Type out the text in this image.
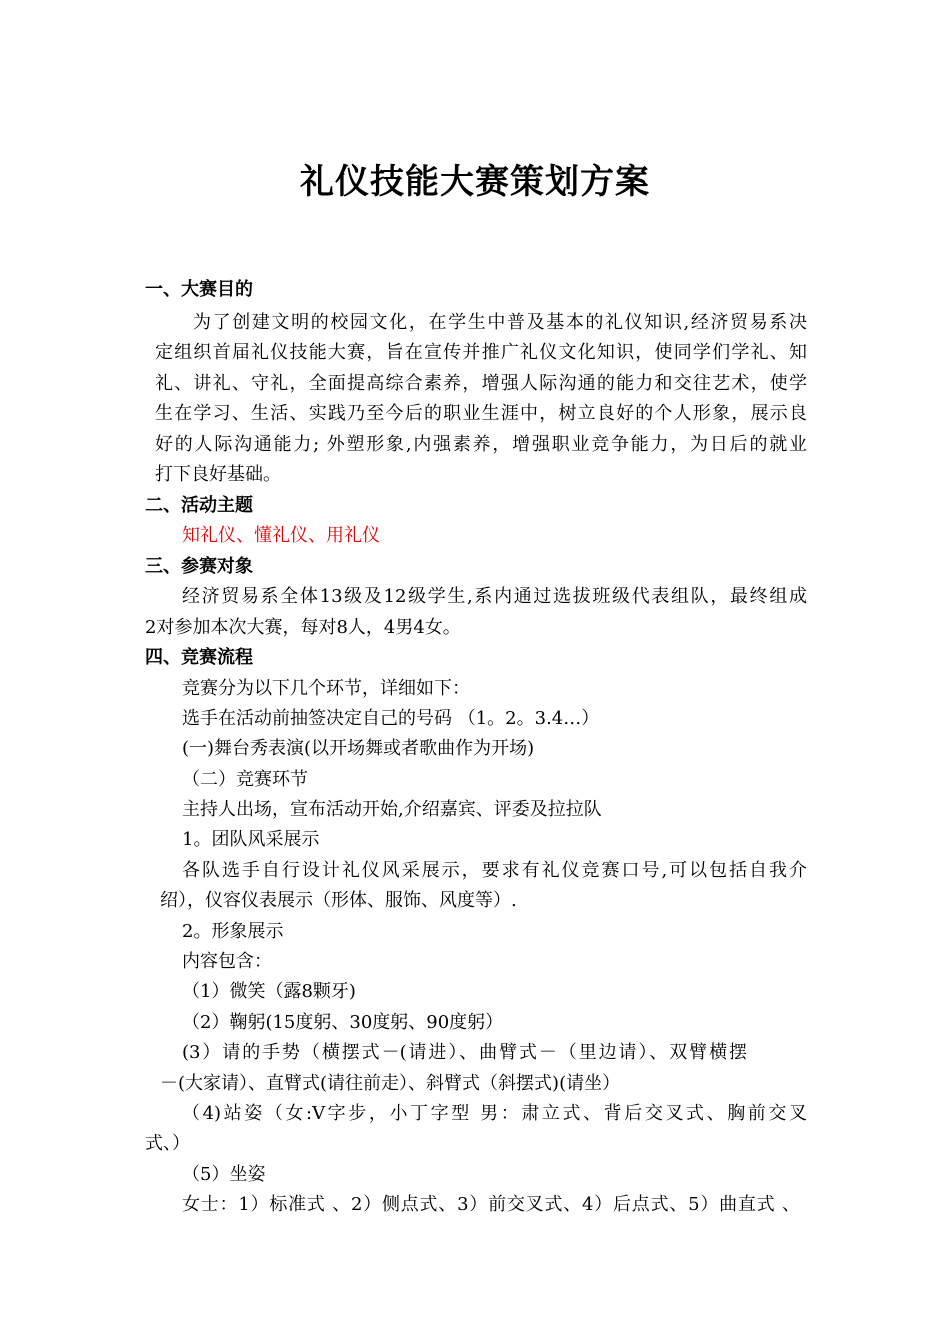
礼仪技能大赛策划方案
一、大赛目的
为了创建文明的校园文化，在学生中普及基本的礼仪知识,经济贸易系决
定组织首届礼仪技能大赛，旨在宣传并推广礼仪文化知识，使同学们学礼、知
礼、讲礼、守礼，全面提高综合素养，增强人际沟通的能力和交往艺术，使学
生在学习、生活、实践乃至今后的职业生涯中，树立良好的个人形象，展示良
好的人际沟通能力; 外塑形象,内强素养，增强职业竞争能力，为日后的就业
打下良好基础。
二、活动主题
知礼仪、懂礼仪、用礼仪
三、参赛对象
经济贸易系全体13级及12级学生,系内通过选拔班级代表组队，最终组成
2对参加本次大赛，每对8人，4男4女。
四、竞赛流程
竞赛分为以下几个环节，详细如下：
选手在活动前抽签决定自己的号码 （1。2。3.4…）
(一)舞台秀表演(以开场舞或者歌曲作为开场)
（二）竞赛环节
主持人出场，宣布活动开始,介绍嘉宾、评委及拉拉队
1。团队风采展示
各队选手自行设计礼仪风采展示，要求有礼仪竞赛口号,可以包括自我介
绍），仪容仪表展示（形体、服饰、风度等）.
2。形象展示
内容包含：
（1）微笑（露8颗牙)
（2）鞠躬(15度躬、30度躬、90度躬）
(3）请的手势（横摆式－(请进）、曲臂式－（里边请）、双臂横摆
－(大家请）、直臂式(请往前走）、斜臂式（斜摆式)(请坐）
（4)站姿（女:V字步，小丁字型 男：肃立式、背后交叉式、胸前交叉
式、）
（5）坐姿
女士：1）标准式 、2）侧点式、3）前交叉式、4）后点式、5）曲直式 、
